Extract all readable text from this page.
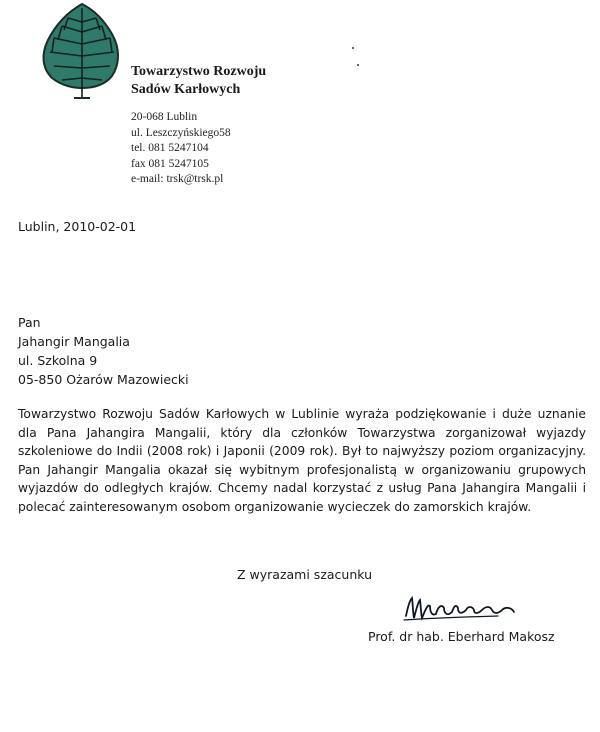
Towarzystwo Rozwoju
Sadów Karłowych
20-068 Lublin
ul. Leszczyńskiego58
tel. 081 5247104
fax 081 5247105
e-mail: trsk@trsk.pl
Lublin, 2010-02-01
Pan
Jahangir Mangalia
ul. Szkolna 9
05-850 Ożarów Mazowiecki
Towarzystwo Rozwoju Sadów Karłowych w Lublinie wyraża podziękowanie i duże uznanie dla Pana Jahangira Mangalii, który dla członków Towarzystwa zorganizował wyjazdy szkoleniowe do Indii (2008 rok) i Japonii (2009 rok). Był to najwyższy poziom organizacyjny. Pan Jahangir Mangalia okazał się wybitnym profesjonalistą w organizowaniu grupowych wyjazdów do odległych krajów. Chcemy nadal korzystać z usług Pana Jahangira Mangalii i polecać zainteresowanym osobom organizowanie wycieczek do zamorskich krajów.
Z wyrazami szacunku
Prof. dr hab. Eberhard Makosz
